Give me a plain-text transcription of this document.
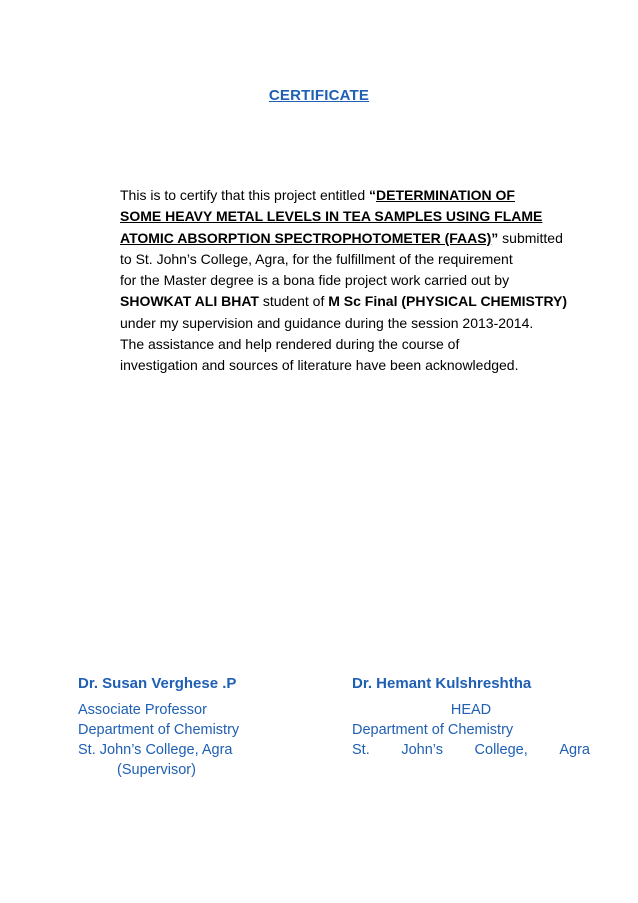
CERTIFICATE
This is to certify that this project entitled “DETERMINATION OF
SOME HEAVY METAL LEVELS IN TEA SAMPLES USING FLAME
ATOMIC ABSORPTION SPECTROPHOTOMETER (FAAS)” submitted
to St. John’s College, Agra, for the fulfillment of the requirement
for the Master degree is a bona fide project work carried out by
SHOWKAT ALI BHAT student of M Sc Final (PHYSICAL CHEMISTRY)
under my supervision and guidance during the session 2013-2014.
The assistance and help rendered during the course of
investigation and sources of literature have been acknowledged.
Dr. Susan Verghese .P
Associate Professor
Department of Chemistry
St. John’s College, Agra
(Supervisor)
Dr. Hemant Kulshreshtha
HEAD
Department of Chemistry
St. John’s College, Agra
